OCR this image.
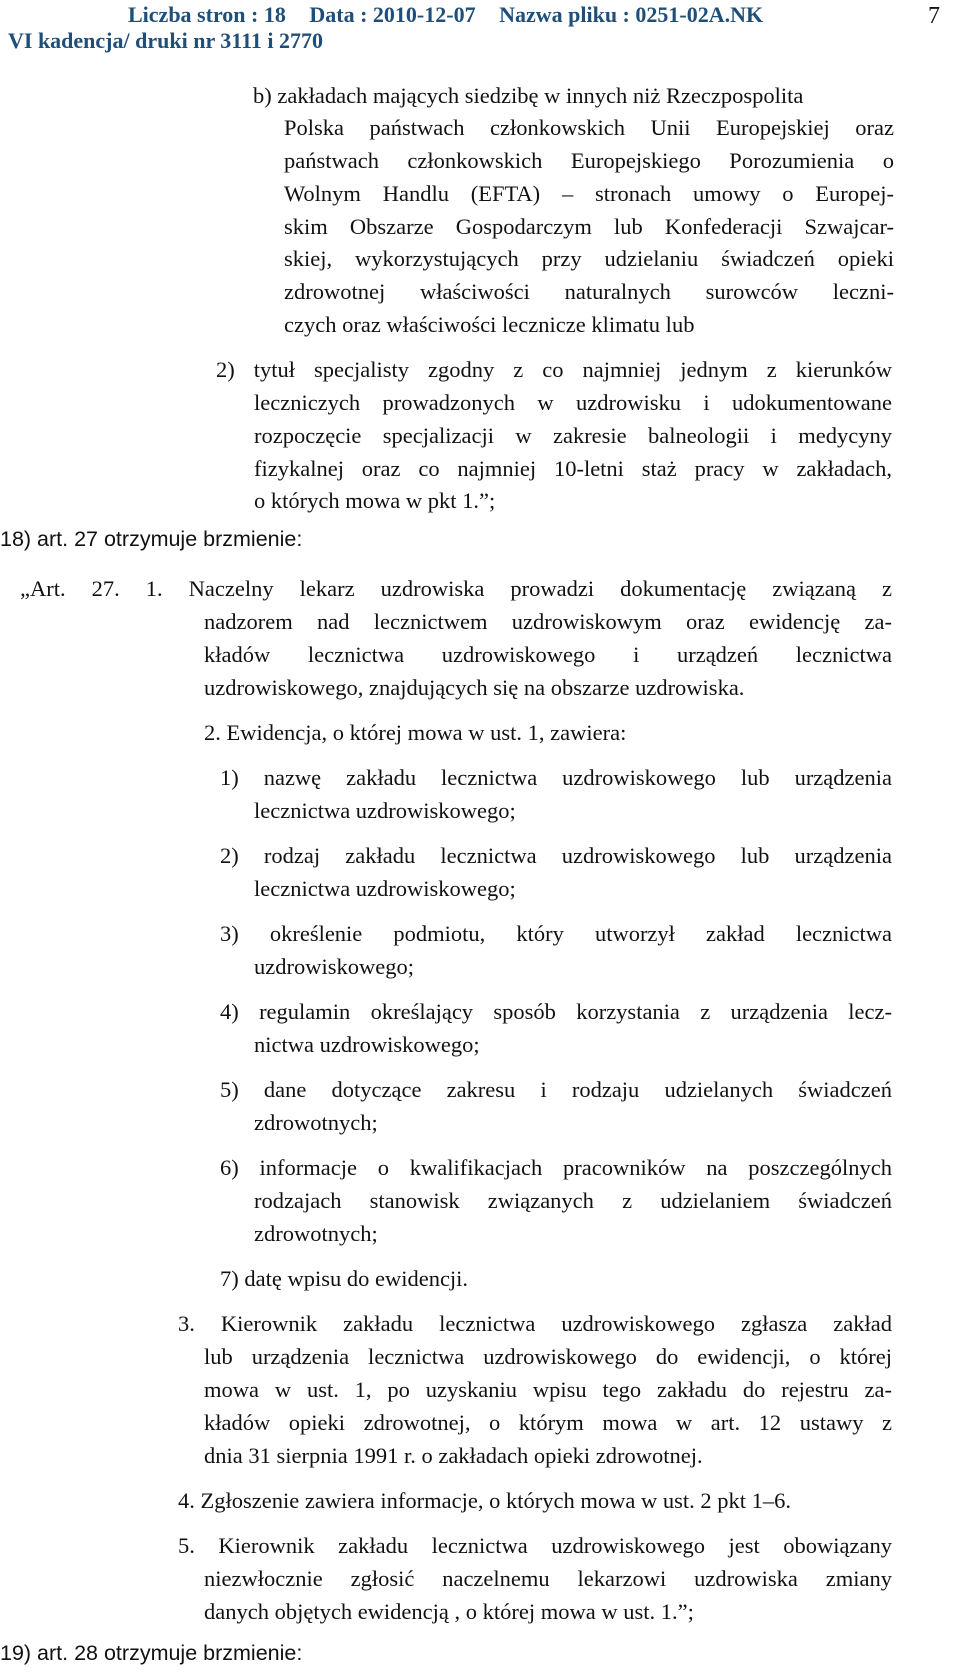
Liczba stron : 18 Data : 2010-12-07 Nazwa pliku : 0251-02A.NK
VI kadencja/ druki nr 3111 i 2770
7
b) zakładach mających siedzibę w innych niż Rzeczpospolita
Polska państwach członkowskich Unii Europejskiej oraz
państwach członkowskich Europejskiego Porozumienia o
Wolnym Handlu (EFTA) – stronach umowy o Europej-
skim Obszarze Gospodarczym lub Konfederacji Szwajcar-
skiej, wykorzystujących przy udzielaniu świadczeń opieki
zdrowotnej właściwości naturalnych surowców leczni-
czych oraz właściwości lecznicze klimatu lub
2) tytuł specjalisty zgodny z co najmniej jednym z kierunków
leczniczych prowadzonych w uzdrowisku i udokumentowane
rozpoczęcie specjalizacji w zakresie balneologii i medycyny
fizykalnej oraz co najmniej 10-letni staż pracy w zakładach,
o których mowa w pkt 1.”;
18) art. 27 otrzymuje brzmienie:
„Art. 27. 1. Naczelny lekarz uzdrowiska prowadzi dokumentację związaną z
nadzorem nad lecznictwem uzdrowiskowym oraz ewidencję za-
kładów lecznictwa uzdrowiskowego i urządzeń lecznictwa
uzdrowiskowego, znajdujących się na obszarze uzdrowiska.
2. Ewidencja, o której mowa w ust. 1, zawiera:
1) nazwę zakładu lecznictwa uzdrowiskowego lub urządzenia
lecznictwa uzdrowiskowego;
2) rodzaj zakładu lecznictwa uzdrowiskowego lub urządzenia
lecznictwa uzdrowiskowego;
3) określenie podmiotu, który utworzył zakład lecznictwa
uzdrowiskowego;
4) regulamin określający sposób korzystania z urządzenia lecz-
nictwa uzdrowiskowego;
5) dane dotyczące zakresu i rodzaju udzielanych świadczeń
zdrowotnych;
6) informacje o kwalifikacjach pracowników na poszczególnych
rodzajach stanowisk związanych z udzielaniem świadczeń
zdrowotnych;
7) datę wpisu do ewidencji.
3. Kierownik zakładu lecznictwa uzdrowiskowego zgłasza zakład
lub urządzenia lecznictwa uzdrowiskowego do ewidencji, o której
mowa w ust. 1, po uzyskaniu wpisu tego zakładu do rejestru za-
kładów opieki zdrowotnej, o którym mowa w art. 12 ustawy z
dnia 31 sierpnia 1991 r. o zakładach opieki zdrowotnej.
4. Zgłoszenie zawiera informacje, o których mowa w ust. 2 pkt 1–6.
5. Kierownik zakładu lecznictwa uzdrowiskowego jest obowiązany
niezwłocznie zgłosić naczelnemu lekarzowi uzdrowiska zmiany
danych objętych ewidencją , o której mowa w ust. 1.”;
19) art. 28 otrzymuje brzmienie:
